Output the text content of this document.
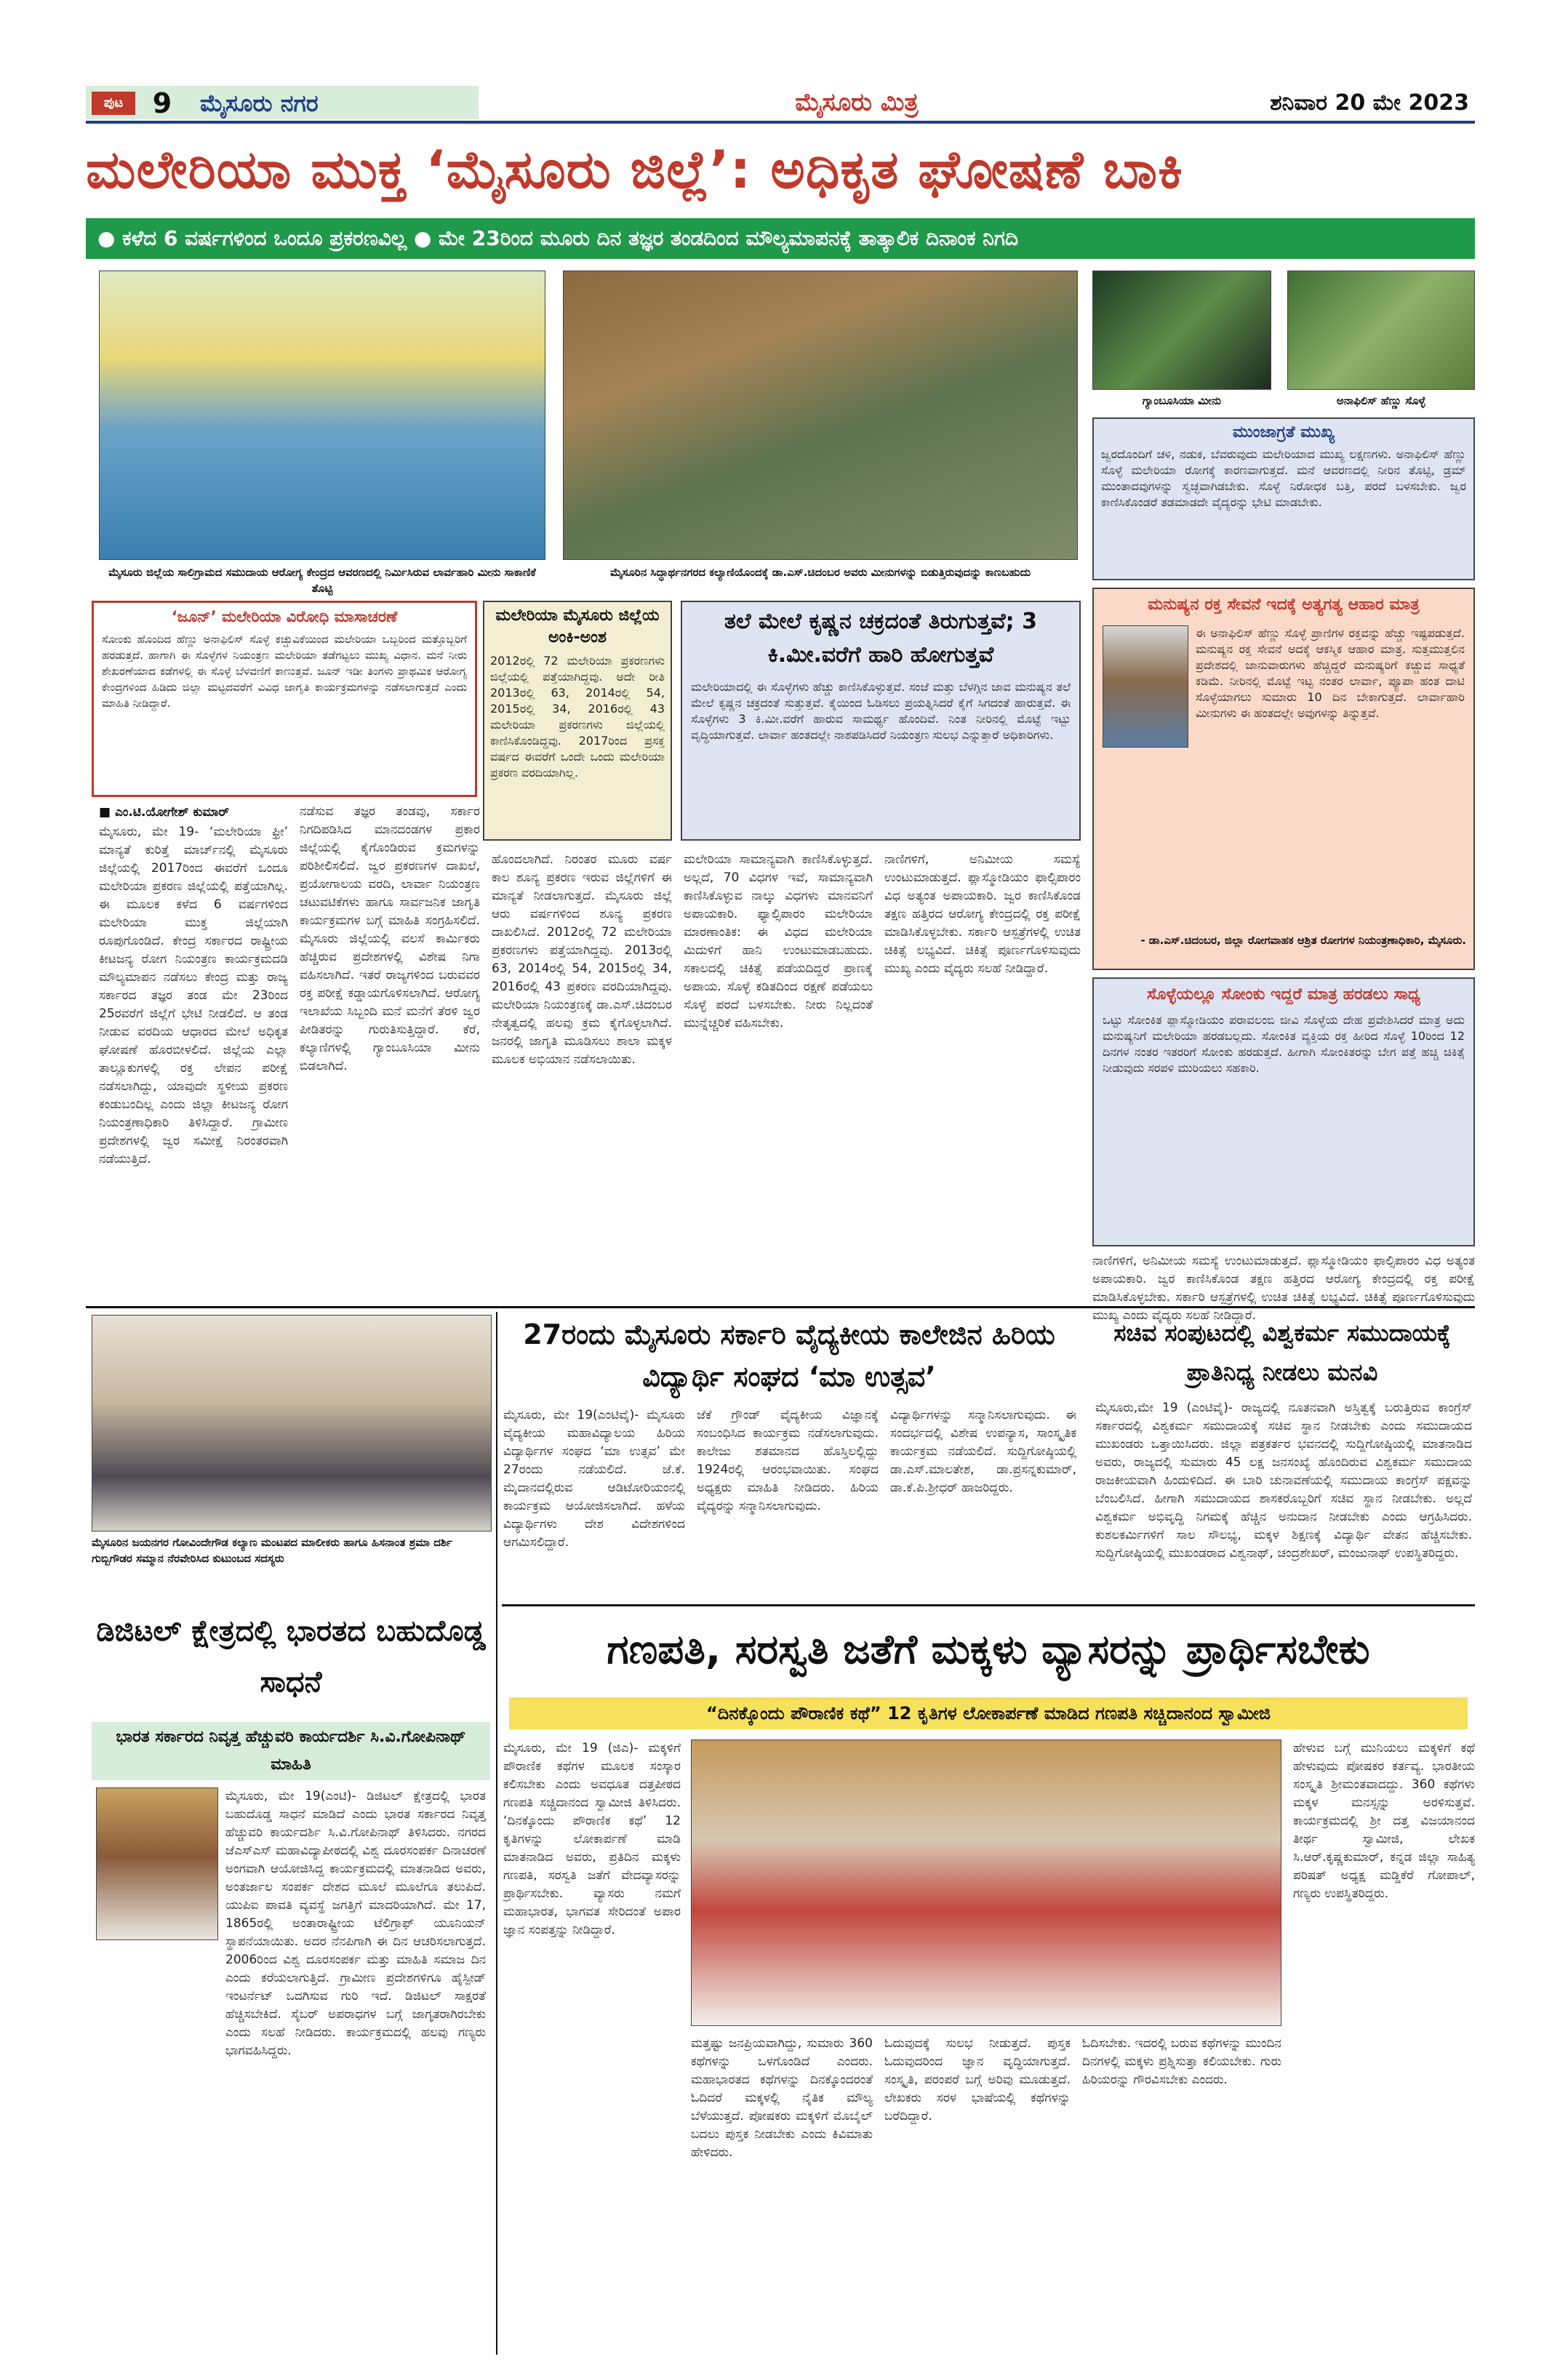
ಪುಟ	9	ಮೈಸೂರು ನಗರ	ಮೈಸೂರು ಮಿತ್ರ	ಶನಿವಾರ 20 ಮೇ 2023
ಮಲೇರಿಯಾ ಮುಕ್ತ ‘ಮೈಸೂರು ಜಿಲ್ಲೆ’: ಅಧಿಕೃತ ಘೋಷಣೆ ಬಾಕಿ
● ಕಳೆದ 6 ವರ್ಷಗಳಿಂದ ಒಂದೂ ಪ್ರಕರಣವಿಲ್ಲ ● ಮೇ 23ರಿಂದ ಮೂರು ದಿನ ತಜ್ಞರ ತಂಡದಿಂದ ಮೌಲ್ಯಮಾಪನಕ್ಕೆ ತಾತ್ಕಾಲಿಕ ದಿನಾಂಕ ನಿಗದಿ
ಮೈಸೂರು ಜಿಲ್ಲೆಯ ಸಾಲಿಗ್ರಾಮದ ಸಮುದಾಯ ಆರೋಗ್ಯ ಕೇಂದ್ರದ ಆವರಣದಲ್ಲಿ ನಿರ್ಮಿಸಿರುವ ಲಾರ್ವಹಾರಿ ಮೀನು ಸಾಕಾಣಿಕೆ ತೊಟ್ಟಿ
ಮೈಸೂರಿನ ಸಿದ್ಧಾರ್ಥನಗರದ ಕಲ್ಯಾಣಿಯೊಂದಕ್ಕೆ ಡಾ.ಎಸ್.ಚಿದಂಬರ ಅವರು ಮೀನುಗಳನ್ನು ಬಿಡುತ್ತಿರುವುದನ್ನು ಕಾಣಬಹುದು
ಗ್ಯಾಂಬೂಸಿಯಾ ಮೀನು	ಅನಾಫಿಲಿಸ್ ಹೆಣ್ಣು ಸೊಳ್ಳೆ
ಮುಂಜಾಗ್ರತೆ ಮುಖ್ಯ
ಜ್ವರದೊಂದಿಗೆ ಚಳಿ, ನಡುಕ, ಬೆವರುವುದು ಮಲೇರಿಯಾದ ಮುಖ್ಯ ಲಕ್ಷಣಗಳು. ಅನಾಫಿಲಿಸ್ ಹೆಣ್ಣು ಸೊಳ್ಳೆ ಮಲೇರಿಯಾ ರೋಗಕ್ಕೆ ಕಾರಣವಾಗುತ್ತದೆ. ಮನೆ ಆವರಣದಲ್ಲಿ ನೀರಿನ ತೊಟ್ಟಿ, ಡ್ರಮ್ ಮುಂತಾದವುಗಳನ್ನು ಸ್ವಚ್ಛವಾಗಿಡಬೇಕು. ಸೊಳ್ಳೆ ನಿರೋಧಕ ಬತ್ತಿ, ಪರದೆ ಬಳಸಬೇಕು. ಜ್ವರ ಕಾಣಿಸಿಕೊಂಡರೆ ತಡಮಾಡದೇ ವೈದ್ಯರನ್ನು ಭೇಟಿ ಮಾಡಬೇಕು.
‘ಜೂನ್’ ಮಲೇರಿಯಾ ವಿರೋಧಿ ಮಾಸಾಚರಣೆ
ಸೋಂಕು ಹೊಂದಿದ ಹೆಣ್ಣು ಅನಾಫಿಲಿಸ್ ಸೊಳ್ಳೆ ಕಚ್ಚುವಿಕೆಯಿಂದ ಮಲೇರಿಯಾ ಒಬ್ಬರಿಂದ ಮತ್ತೊಬ್ಬರಿಗೆ ಹರಡುತ್ತದೆ. ಹಾಗಾಗಿ ಈ ಸೊಳ್ಳೆಗಳ ನಿಯಂತ್ರಣ ಮಲೇರಿಯಾ ತಡೆಗಟ್ಟಲು ಮುಖ್ಯ ವಿಧಾನ. ಮನೆ ನೀರು ಶೇಖರಣೆಯಾದ ಕಡೆಗಳಲ್ಲಿ ಈ ಸೊಳ್ಳೆ ಬೆಳವಣಿಗೆ ಕಾಣುತ್ತವೆ. ಜೂನ್ ಇಡೀ ತಿಂಗಳು ಪ್ರಾಥಮಿಕ ಆರೋಗ್ಯ ಕೇಂದ್ರಗಳಿಂದ ಹಿಡಿದು ಜಿಲ್ಲಾ ಮಟ್ಟದವರೆಗೆ ವಿವಿಧ ಜಾಗೃತಿ ಕಾರ್ಯಕ್ರಮಗಳನ್ನು ನಡೆಸಲಾಗುತ್ತದೆ ಎಂದು ಮಾಹಿತಿ ನೀಡಿದ್ದಾರೆ.
ಮಲೇರಿಯಾ ಮೈಸೂರು ಜಿಲ್ಲೆಯ ಅಂಕಿ-ಅಂಶ
2012ರಲ್ಲಿ 72 ಮಲೇರಿಯಾ ಪ್ರಕರಣಗಳು ಜಿಲ್ಲೆಯಲ್ಲಿ ಪತ್ತೆಯಾಗಿದ್ದವು. ಅದೇ ರೀತಿ 2013ರಲ್ಲಿ 63, 2014ರಲ್ಲಿ 54, 2015ರಲ್ಲಿ 34, 2016ರಲ್ಲಿ 43 ಮಲೇರಿಯಾ ಪ್ರಕರಣಗಳು ಜಿಲ್ಲೆಯಲ್ಲಿ ಕಾಣಿಸಿಕೊಂಡಿದ್ದವು. 2017ರಿಂದ ಪ್ರಸಕ್ತ ವರ್ಷದ ಈವರೆಗೆ ಒಂದೇ ಒಂದು ಮಲೇರಿಯಾ ಪ್ರಕರಣ ವರದಿಯಾಗಿಲ್ಲ.
ತಲೆ ಮೇಲೆ ಕೃಷ್ಣನ ಚಕ್ರದಂತೆ ತಿರುಗುತ್ತವೆ; 3 ಕಿ.ಮೀ.ವರೆಗೆ ಹಾರಿ ಹೋಗುತ್ತವೆ
ಮಲೇರಿಯಾದಲ್ಲಿ ಈ ಸೊಳ್ಳೆಗಳು ಹೆಚ್ಚು ಕಾಣಿಸಿಕೊಳ್ಳುತ್ತವೆ. ಸಂಜೆ ಮತ್ತು ಬೆಳಗ್ಗಿನ ಜಾವ ಮನುಷ್ಯನ ತಲೆ ಮೇಲೆ ಕೃಷ್ಣನ ಚಕ್ರದಂತೆ ಸುತ್ತುತ್ತವೆ. ಕೈಯಿಂದ ಓಡಿಸಲು ಪ್ರಯತ್ನಿಸಿದರೆ ಕೈಗೆ ಸಿಗದಂತೆ ಹಾರುತ್ತವೆ. ಈ ಸೊಳ್ಳೆಗಳು 3 ಕಿ.ಮೀ.ವರೆಗೆ ಹಾರುವ ಸಾಮರ್ಥ್ಯ ಹೊಂದಿವೆ. ನಿಂತ ನೀರಿನಲ್ಲಿ ಮೊಟ್ಟೆ ಇಟ್ಟು ವೃದ್ಧಿಯಾಗುತ್ತವೆ. ಲಾರ್ವಾ ಹಂತದಲ್ಲೇ ನಾಶಪಡಿಸಿದರೆ ನಿಯಂತ್ರಣ ಸುಲಭ ಎನ್ನುತ್ತಾರೆ ಅಧಿಕಾರಿಗಳು.
ಮನುಷ್ಯನ ರಕ್ತ ಸೇವನೆ ಇದಕ್ಕೆ ಅತ್ಯಗತ್ಯ ಆಹಾರ ಮಾತ್ರ
ಈ ಅನಾಫಿಲಿಸ್ ಹೆಣ್ಣು ಸೊಳ್ಳೆ ಪ್ರಾಣಿಗಳ ರಕ್ತವನ್ನು ಹೆಚ್ಚು ಇಷ್ಟಪಡುತ್ತದೆ. ಮನುಷ್ಯನ ರಕ್ತ ಸೇವನೆ ಅದಕ್ಕೆ ಆಕಸ್ಮಿಕ ಆಹಾರ ಮಾತ್ರ. ಸುತ್ತಮುತ್ತಲಿನ ಪ್ರದೇಶದಲ್ಲಿ ಜಾನುವಾರುಗಳು ಹೆಚ್ಚಿದ್ದರೆ ಮನುಷ್ಯರಿಗೆ ಕಚ್ಚುವ ಸಾಧ್ಯತೆ ಕಡಿಮೆ. ನೀರಿನಲ್ಲಿ ಮೊಟ್ಟೆ ಇಟ್ಟ ನಂತರ ಲಾರ್ವಾ, ಪ್ಯೂಪಾ ಹಂತ ದಾಟಿ ಸೊಳ್ಳೆಯಾಗಲು ಸುಮಾರು 10 ದಿನ ಬೇಕಾಗುತ್ತದೆ. ಲಾರ್ವಾಹಾರಿ ಮೀನುಗಳು ಈ ಹಂತದಲ್ಲೇ ಅವುಗಳನ್ನು ತಿನ್ನುತ್ತವೆ.
- ಡಾ.ಎಸ್.ಚಿದಂಬರ, ಜಿಲ್ಲಾ ರೋಗವಾಹಕ ಆಶ್ರಿತ ರೋಗಗಳ ನಿಯಂತ್ರಣಾಧಿಕಾರಿ, ಮೈಸೂರು.
ಸೊಳ್ಳೆಯಲ್ಲೂ ಸೋಂಕು ಇದ್ದರೆ ಮಾತ್ರ ಹರಡಲು ಸಾಧ್ಯ
ಒಟ್ಟು ಸೋಂಕಿತ ಪ್ಲಾಸ್ಮೋಡಿಯಂ ಪರಾವಲಂಬಿ ಜೀವಿ ಸೊಳ್ಳೆಯ ದೇಹ ಪ್ರವೇಶಿಸಿದರೆ ಮಾತ್ರ ಅದು ಮನುಷ್ಯನಿಗೆ ಮಲೇರಿಯಾ ಹರಡಬಲ್ಲದು. ಸೋಂಕಿತ ವ್ಯಕ್ತಿಯ ರಕ್ತ ಹೀರಿದ ಸೊಳ್ಳೆ 10ರಿಂದ 12 ದಿನಗಳ ನಂತರ ಇತರರಿಗೆ ಸೋಂಕು ಹರಡುತ್ತದೆ. ಹೀಗಾಗಿ ಸೋಂಕಿತರನ್ನು ಬೇಗ ಪತ್ತೆ ಹಚ್ಚಿ ಚಿಕಿತ್ಸೆ ನೀಡುವುದು ಸರಪಳಿ ಮುರಿಯಲು ಸಹಕಾರಿ.
■ ಎಂ.ಟಿ.ಯೋಗೇಶ್ ಕುಮಾರ್
ಮೈಸೂರು, ಮೇ 19- ‘ಮಲೇರಿಯಾ ಫ್ರೀ’ ಮಾನ್ಯತೆ ಕುರಿತ್ತೆ ಮಾರ್ಚ್‌ನಲ್ಲಿ ಮೈಸೂರು ಜಿಲ್ಲೆಯಲ್ಲಿ 2017ರಿಂದ ಈವರೆಗೆ ಒಂದೂ ಮಲೇರಿಯಾ ಪ್ರಕರಣ ಜಿಲ್ಲೆಯಲ್ಲಿ ಪತ್ತೆಯಾಗಿಲ್ಲ. ಈ ಮೂಲಕ ಕಳೆದ 6 ವರ್ಷಗಳಿಂದ ಮಲೇರಿಯಾ ಮುಕ್ತ ಜಿಲ್ಲೆಯಾಗಿ ರೂಪುಗೊಂಡಿದೆ. ಕೇಂದ್ರ ಸರ್ಕಾರದ ರಾಷ್ಟ್ರೀಯ ಕೀಟಜನ್ಯ ರೋಗ ನಿಯಂತ್ರಣ ಕಾರ್ಯಕ್ರಮದಡಿ ಮೌಲ್ಯಮಾಪನ ನಡೆಸಲು ಕೇಂದ್ರ ಮತ್ತು ರಾಜ್ಯ ಸರ್ಕಾರದ ತಜ್ಞರ ತಂಡ ಮೇ 23ರಿಂದ 25ರವರೆಗೆ ಜಿಲ್ಲೆಗೆ ಭೇಟಿ ನೀಡಲಿದೆ. ಆ ತಂಡ ನೀಡುವ ವರದಿಯ ಆಧಾರದ ಮೇಲೆ ಅಧಿಕೃತ ಘೋಷಣೆ ಹೊರಬೀಳಲಿದೆ. ಜಿಲ್ಲೆಯ ಎಲ್ಲಾ ತಾಲ್ಲೂಕುಗಳಲ್ಲಿ ರಕ್ತ ಲೇಪನ ಪರೀಕ್ಷೆ ನಡೆಸಲಾಗಿದ್ದು, ಯಾವುದೇ ಸ್ಥಳೀಯ ಪ್ರಕರಣ ಕಂಡುಬಂದಿಲ್ಲ ಎಂದು ಜಿಲ್ಲಾ ಕೀಟಜನ್ಯ ರೋಗ ನಿಯಂತ್ರಣಾಧಿಕಾರಿ ತಿಳಿಸಿದ್ದಾರೆ. ಗ್ರಾಮೀಣ ಪ್ರದೇಶಗಳಲ್ಲಿ ಜ್ವರ ಸಮೀಕ್ಷೆ ನಿರಂತರವಾಗಿ ನಡೆಯುತ್ತಿದೆ.
ನಡೆಸುವ ತಜ್ಞರ ತಂಡವು, ಸರ್ಕಾರ ನಿಗದಿಪಡಿಸಿದ ಮಾನದಂಡಗಳ ಪ್ರಕಾರ ಜಿಲ್ಲೆಯಲ್ಲಿ ಕೈಗೊಂಡಿರುವ ಕ್ರಮಗಳನ್ನು ಪರಿಶೀಲಿಸಲಿದೆ. ಜ್ವರ ಪ್ರಕರಣಗಳ ದಾಖಲೆ, ಪ್ರಯೋಗಾಲಯ ವರದಿ, ಲಾರ್ವಾ ನಿಯಂತ್ರಣ ಚಟುವಟಿಕೆಗಳು ಹಾಗೂ ಸಾರ್ವಜನಿಕ ಜಾಗೃತಿ ಕಾರ್ಯಕ್ರಮಗಳ ಬಗ್ಗೆ ಮಾಹಿತಿ ಸಂಗ್ರಹಿಸಲಿದೆ. ಮೈಸೂರು ಜಿಲ್ಲೆಯಲ್ಲಿ ವಲಸೆ ಕಾರ್ಮಿಕರು ಹೆಚ್ಚಿರುವ ಪ್ರದೇಶಗಳಲ್ಲಿ ವಿಶೇಷ ನಿಗಾ ವಹಿಸಲಾಗಿದೆ. ಇತರೆ ರಾಜ್ಯಗಳಿಂದ ಬರುವವರ ರಕ್ತ ಪರೀಕ್ಷೆ ಕಡ್ಡಾಯಗೊಳಿಸಲಾಗಿದೆ. ಆರೋಗ್ಯ ಇಲಾಖೆಯ ಸಿಬ್ಬಂದಿ ಮನೆ ಮನೆಗೆ ತೆರಳಿ ಜ್ವರ ಪೀಡಿತರನ್ನು ಗುರುತಿಸುತ್ತಿದ್ದಾರೆ. ಕೆರೆ, ಕಲ್ಯಾಣಿಗಳಲ್ಲಿ ಗ್ಯಾಂಬೂಸಿಯಾ ಮೀನು ಬಿಡಲಾಗಿದೆ.
ಹೊಂದಲಾಗಿದೆ. ನಿರಂತರ ಮೂರು ವರ್ಷ ಕಾಲ ಶೂನ್ಯ ಪ್ರಕರಣ ಇರುವ ಜಿಲ್ಲೆಗಳಿಗೆ ಈ ಮಾನ್ಯತೆ ನೀಡಲಾಗುತ್ತದೆ. ಮೈಸೂರು ಜಿಲ್ಲೆ ಆರು ವರ್ಷಗಳಿಂದ ಶೂನ್ಯ ಪ್ರಕರಣ ದಾಖಲಿಸಿದೆ. 2012ರಲ್ಲಿ 72 ಮಲೇರಿಯಾ ಪ್ರಕರಣಗಳು ಪತ್ತೆಯಾಗಿದ್ದವು. 2013ರಲ್ಲಿ 63, 2014ರಲ್ಲಿ 54, 2015ರಲ್ಲಿ 34, 2016ರಲ್ಲಿ 43 ಪ್ರಕರಣ ವರದಿಯಾಗಿದ್ದವು. ಮಲೇರಿಯಾ ನಿಯಂತ್ರಣಕ್ಕೆ ಡಾ.ಎಸ್.ಚಿದಂಬರ ನೇತೃತ್ವದಲ್ಲಿ ಹಲವು ಕ್ರಮ ಕೈಗೊಳ್ಳಲಾಗಿದೆ. ಜನರಲ್ಲಿ ಜಾಗೃತಿ ಮೂಡಿಸಲು ಶಾಲಾ ಮಕ್ಕಳ ಮೂಲಕ ಅಭಿಯಾನ ನಡೆಸಲಾಯಿತು.
ಮಲೇರಿಯಾ ಸಾಮಾನ್ಯವಾಗಿ ಕಾಣಿಸಿಕೊಳ್ಳುತ್ತದೆ. ಅಲ್ಲದೆ, 70 ವಿಧಗಳ ಇವೆ, ಸಾಮಾನ್ಯವಾಗಿ ಕಾಣಿಸಿಕೊಳ್ಳುವ ನಾಲ್ಕು ವಿಧಗಳು ಮಾನವನಿಗೆ ಅಪಾಯಕಾರಿ. ಫ್ಯಾಲ್ಸಿಪಾರಂ ಮಲೇರಿಯಾ ಮಾರಣಾಂತಿಕ: ಈ ವಿಧದ ಮಲೇರಿಯಾ ಮಿದುಳಿಗೆ ಹಾನಿ ಉಂಟುಮಾಡಬಹುದು. ಸಕಾಲದಲ್ಲಿ ಚಿಕಿತ್ಸೆ ಪಡೆಯದಿದ್ದರೆ ಪ್ರಾಣಕ್ಕೆ ಅಪಾಯ. ಸೊಳ್ಳೆ ಕಡಿತದಿಂದ ರಕ್ಷಣೆ ಪಡೆಯಲು ಸೊಳ್ಳೆ ಪರದೆ ಬಳಸಬೇಕು. ನೀರು ನಿಲ್ಲದಂತೆ ಮುನ್ನೆಚ್ಚರಿಕೆ ವಹಿಸಬೇಕು.
ನಾಣಿಗಳಿಗೆ, ಅನಿಮೀಯ ಸಮಸ್ಯೆ ಉಂಟುಮಾಡುತ್ತದೆ. ಪ್ಲಾಸ್ಮೋಡಿಯಂ ಫಾಲ್ಸಿಪಾರಂ ವಿಧ ಅತ್ಯಂತ ಅಪಾಯಕಾರಿ. ಜ್ವರ ಕಾಣಿಸಿಕೊಂಡ ತಕ್ಷಣ ಹತ್ತಿರದ ಆರೋಗ್ಯ ಕೇಂದ್ರದಲ್ಲಿ ರಕ್ತ ಪರೀಕ್ಷೆ ಮಾಡಿಸಿಕೊಳ್ಳಬೇಕು. ಸರ್ಕಾರಿ ಆಸ್ಪತ್ರೆಗಳಲ್ಲಿ ಉಚಿತ ಚಿಕಿತ್ಸೆ ಲಭ್ಯವಿದೆ. ಚಿಕಿತ್ಸೆ ಪೂರ್ಣಗೊಳಿಸುವುದು ಮುಖ್ಯ ಎಂದು ವೈದ್ಯರು ಸಲಹೆ ನೀಡಿದ್ದಾರೆ.
ನಾಣಿಗಳಿಗೆ, ಅನಿಮೀಯ ಸಮಸ್ಯೆ ಉಂಟುಮಾಡುತ್ತದೆ. ಪ್ಲಾಸ್ಮೋಡಿಯಂ ಫಾಲ್ಸಿಪಾರಂ ವಿಧ ಅತ್ಯಂತ ಅಪಾಯಕಾರಿ. ಜ್ವರ ಕಾಣಿಸಿಕೊಂಡ ತಕ್ಷಣ ಹತ್ತಿರದ ಆರೋಗ್ಯ ಕೇಂದ್ರದಲ್ಲಿ ರಕ್ತ ಪರೀಕ್ಷೆ ಮಾಡಿಸಿಕೊಳ್ಳಬೇಕು. ಸರ್ಕಾರಿ ಆಸ್ಪತ್ರೆಗಳಲ್ಲಿ ಉಚಿತ ಚಿಕಿತ್ಸೆ ಲಭ್ಯವಿದೆ. ಚಿಕಿತ್ಸೆ ಪೂರ್ಣಗೊಳಿಸುವುದು ಮುಖ್ಯ ಎಂದು ವೈದ್ಯರು ಸಲಹೆ ನೀಡಿದ್ದಾರೆ.
ಮೈಸೂರಿನ ಜಯನಗರ ಗೋವಿಂದೇಗೌಡ ಕಲ್ಯಾಣ ಮಂಟಪದ ಮಾಲೀಕರು ಹಾಗೂ ಹಿಸನಾಂತ ಶ್ರಮಾ ದರ್ಶಿ ಗುಬ್ಬಿಗೌಡರ ಸಮ್ಮಾನ ನೆರವೇರಿಸಿದ ಕುಟುಂಬದ ಸದಸ್ಯರು
27ರಂದು ಮೈಸೂರು ಸರ್ಕಾರಿ ವೈದ್ಯಕೀಯ ಕಾಲೇಜಿನ ಹಿರಿಯ ವಿದ್ಯಾರ್ಥಿ ಸಂಘದ ‘ಮಾ ಉತ್ಸವ’
ಮೈಸೂರು, ಮೇ 19(ಎಂಟಿವೈ)- ಮೈಸೂರು ವೈದ್ಯಕೀಯ ಮಹಾವಿದ್ಯಾಲಯ ಹಿರಿಯ ವಿದ್ಯಾರ್ಥಿಗಳ ಸಂಘದ ‘ಮಾ ಉತ್ಸವ’ ಮೇ 27ರಂದು ನಡೆಯಲಿದೆ. ಜೆ.ಕೆ. ಮೈದಾನದಲ್ಲಿರುವ ಆಡಿಟೋರಿಯಂನಲ್ಲಿ ಕಾರ್ಯಕ್ರಮ ಆಯೋಜಿಸಲಾಗಿದೆ. ಹಳೆಯ ವಿದ್ಯಾರ್ಥಿಗಳು ದೇಶ ವಿದೇಶಗಳಿಂದ ಆಗಮಿಸಲಿದ್ದಾರೆ.
ಜೆಕೆ ಗ್ರೌಂಡ್ ವೈದ್ಯಕೀಯ ವಿಜ್ಞಾನಕ್ಕೆ ಸಂಬಂಧಿಸಿದ ಕಾರ್ಯಕ್ರಮ ನಡೆಸಲಾಗುವುದು. ಕಾಲೇಜು ಶತಮಾನದ ಹೊಸ್ತಿಲಲ್ಲಿದ್ದು 1924ರಲ್ಲಿ ಆರಂಭವಾಯಿತು. ಸಂಘದ ಅಧ್ಯಕ್ಷರು ಮಾಹಿತಿ ನೀಡಿದರು. ಹಿರಿಯ ವೈದ್ಯರನ್ನು ಸನ್ಮಾನಿಸಲಾಗುವುದು.
ವಿದ್ಯಾರ್ಥಿಗಳನ್ನು ಸನ್ಮಾನಿಸಲಾಗುವುದು. ಈ ಸಂದರ್ಭದಲ್ಲಿ ವಿಶೇಷ ಉಪನ್ಯಾಸ, ಸಾಂಸ್ಕೃತಿಕ ಕಾರ್ಯಕ್ರಮ ನಡೆಯಲಿದೆ. ಸುದ್ದಿಗೋಷ್ಠಿಯಲ್ಲಿ ಡಾ.ಎಸ್.ಮಾಲತೇಶ, ಡಾ.ಪ್ರಸನ್ನಕುಮಾರ್, ಡಾ.ಕೆ.ಪಿ.ಶ್ರೀಧರ್ ಹಾಜರಿದ್ದರು.
ಸಚಿವ ಸಂಪುಟದಲ್ಲಿ ವಿಶ್ವಕರ್ಮ ಸಮುದಾಯಕ್ಕೆ ಪ್ರಾತಿನಿಧ್ಯ ನೀಡಲು ಮನವಿ
ಮೈಸೂರು,ಮೇ 19 (ಎಂಟಿವೈ)- ರಾಜ್ಯದಲ್ಲಿ ನೂತನವಾಗಿ ಅಸ್ತಿತ್ವಕ್ಕೆ ಬರುತ್ತಿರುವ ಕಾಂಗ್ರೆಸ್ ಸರ್ಕಾರದಲ್ಲಿ ವಿಶ್ವಕರ್ಮ ಸಮುದಾಯಕ್ಕೆ ಸಚಿವ ಸ್ಥಾನ ನೀಡಬೇಕು ಎಂದು ಸಮುದಾಯದ ಮುಖಂಡರು ಒತ್ತಾಯಿಸಿದರು. ಜಿಲ್ಲಾ ಪತ್ರಕರ್ತರ ಭವನದಲ್ಲಿ ಸುದ್ದಿಗೋಷ್ಠಿಯಲ್ಲಿ ಮಾತನಾಡಿದ ಅವರು, ರಾಜ್ಯದಲ್ಲಿ ಸುಮಾರು 45 ಲಕ್ಷ ಜನಸಂಖ್ಯೆ ಹೊಂದಿರುವ ವಿಶ್ವಕರ್ಮ ಸಮುದಾಯ ರಾಜಕೀಯವಾಗಿ ಹಿಂದುಳಿದಿದೆ. ಈ ಬಾರಿ ಚುನಾವಣೆಯಲ್ಲಿ ಸಮುದಾಯ ಕಾಂಗ್ರೆಸ್ ಪಕ್ಷವನ್ನು ಬೆಂಬಲಿಸಿದೆ. ಹೀಗಾಗಿ ಸಮುದಾಯದ ಶಾಸಕರೊಬ್ಬರಿಗೆ ಸಚಿವ ಸ್ಥಾನ ನೀಡಬೇಕು. ಅಲ್ಲದೆ ವಿಶ್ವಕರ್ಮ ಅಭಿವೃದ್ಧಿ ನಿಗಮಕ್ಕೆ ಹೆಚ್ಚಿನ ಅನುದಾನ ನೀಡಬೇಕು ಎಂದು ಆಗ್ರಹಿಸಿದರು. ಕುಶಲಕರ್ಮಿಗಳಿಗೆ ಸಾಲ ಸೌಲಭ್ಯ, ಮಕ್ಕಳ ಶಿಕ್ಷಣಕ್ಕೆ ವಿದ್ಯಾರ್ಥಿ ವೇತನ ಹೆಚ್ಚಿಸಬೇಕು. ಸುದ್ದಿಗೋಷ್ಠಿಯಲ್ಲಿ ಮುಖಂಡರಾದ ವಿಶ್ವನಾಥ್, ಚಂದ್ರಶೇಖರ್, ಮಂಜುನಾಥ್ ಉಪಸ್ಥಿತರಿದ್ದರು.
ಡಿಜಿಟಲ್ ಕ್ಷೇತ್ರದಲ್ಲಿ ಭಾರತದ ಬಹುದೊಡ್ಡ ಸಾಧನೆ
ಭಾರತ ಸರ್ಕಾರದ ನಿವೃತ್ತ ಹೆಚ್ಚುವರಿ ಕಾರ್ಯದರ್ಶಿ ಸಿ.ವಿ.ಗೋಪಿನಾಥ್ ಮಾಹಿತಿ
ಮೈಸೂರು, ಮೇ 19(ಎಂಟಿ)- ಡಿಜಿಟಲ್ ಕ್ಷೇತ್ರದಲ್ಲಿ ಭಾರತ ಬಹುದೊಡ್ಡ ಸಾಧನೆ ಮಾಡಿದೆ ಎಂದು ಭಾರತ ಸರ್ಕಾರದ ನಿವೃತ್ತ ಹೆಚ್ಚುವರಿ ಕಾರ್ಯದರ್ಶಿ ಸಿ.ವಿ.ಗೋಪಿನಾಥ್ ತಿಳಿಸಿದರು. ನಗರದ ಜೆಎಸ್‌ಎಸ್ ಮಹಾವಿದ್ಯಾಪೀಠದಲ್ಲಿ ವಿಶ್ವ ದೂರಸಂಪರ್ಕ ದಿನಾಚರಣೆ ಅಂಗವಾಗಿ ಆಯೋಜಿಸಿದ್ದ ಕಾರ್ಯಕ್ರಮದಲ್ಲಿ ಮಾತನಾಡಿದ ಅವರು, ಅಂತರ್ಜಾಲ ಸಂಪರ್ಕ ದೇಶದ ಮೂಲೆ ಮೂಲೆಗೂ ತಲುಪಿದೆ. ಯುಪಿಐ ಪಾವತಿ ವ್ಯವಸ್ಥೆ ಜಗತ್ತಿಗೆ ಮಾದರಿಯಾಗಿದೆ. ಮೇ 17, 1865ರಲ್ಲಿ ಅಂತಾರಾಷ್ಟ್ರೀಯ ಟೆಲಿಗ್ರಾಫ್ ಯೂನಿಯನ್ ಸ್ಥಾಪನೆಯಾಯಿತು. ಅದರ ನೆನಪಿಗಾಗಿ ಈ ದಿನ ಆಚರಿಸಲಾಗುತ್ತದೆ. 2006ರಿಂದ ವಿಶ್ವ ದೂರಸಂಪರ್ಕ ಮತ್ತು ಮಾಹಿತಿ ಸಮಾಜ ದಿನ ಎಂದು ಕರೆಯಲಾಗುತ್ತಿದೆ. ಗ್ರಾಮೀಣ ಪ್ರದೇಶಗಳಿಗೂ ಹೈಸ್ಪೀಡ್ ಇಂಟರ್ನೆಟ್ ಒದಗಿಸುವ ಗುರಿ ಇದೆ. ಡಿಜಿಟಲ್ ಸಾಕ್ಷರತೆ ಹೆಚ್ಚಿಸಬೇಕಿದೆ. ಸೈಬರ್ ಅಪರಾಧಗಳ ಬಗ್ಗೆ ಜಾಗೃತರಾಗಿರಬೇಕು ಎಂದು ಸಲಹೆ ನೀಡಿದರು. ಕಾರ್ಯಕ್ರಮದಲ್ಲಿ ಹಲವು ಗಣ್ಯರು ಭಾಗವಹಿಸಿದ್ದರು.
ಗಣಪತಿ, ಸರಸ್ವತಿ ಜತೆಗೆ ಮಕ್ಕಳು ವ್ಯಾಸರನ್ನು ಪ್ರಾರ್ಥಿಸಬೇಕು
“ದಿನಕ್ಕೊಂದು ಪೌರಾಣಿಕ ಕಥೆ” 12 ಕೃತಿಗಳ ಲೋಕಾರ್ಪಣೆ ಮಾಡಿದ ಗಣಪತಿ ಸಚ್ಚಿದಾನಂದ ಸ್ವಾಮೀಜಿ
ಮೈಸೂರು, ಮೇ 19 (ಜಿಎ)- ಮಕ್ಕಳಿಗೆ ಪೌರಾಣಿಕ ಕಥೆಗಳ ಮೂಲಕ ಸಂಸ್ಕಾರ ಕಲಿಸಬೇಕು ಎಂದು ಅವಧೂತ ದತ್ತಪೀಠದ ಗಣಪತಿ ಸಚ್ಚಿದಾನಂದ ಸ್ವಾಮೀಜಿ ತಿಳಿಸಿದರು. ‘ದಿನಕ್ಕೊಂದು ಪೌರಾಣಿಕ ಕಥೆ’ 12 ಕೃತಿಗಳನ್ನು ಲೋಕಾರ್ಪಣೆ ಮಾಡಿ ಮಾತನಾಡಿದ ಅವರು, ಪ್ರತಿದಿನ ಮಕ್ಕಳು ಗಣಪತಿ, ಸರಸ್ವತಿ ಜತೆಗೆ ವೇದವ್ಯಾಸರನ್ನು ಪ್ರಾರ್ಥಿಸಬೇಕು. ವ್ಯಾಸರು ನಮಗೆ ಮಹಾಭಾರತ, ಭಾಗವತ ಸೇರಿದಂತೆ ಅಪಾರ ಜ್ಞಾನ ಸಂಪತ್ತನ್ನು ನೀಡಿದ್ದಾರೆ.
ಮತ್ತಷ್ಟು ಜನಪ್ರಿಯವಾಗಿದ್ದು, ಸುಮಾರು 360 ಕಥೆಗಳನ್ನು ಒಳಗೊಂಡಿದೆ ಎಂದರು. ಮಹಾಭಾರತದ ಕಥೆಗಳನ್ನು ದಿನಕ್ಕೊಂದರಂತೆ ಓದಿದರೆ ಮಕ್ಕಳಲ್ಲಿ ನೈತಿಕ ಮೌಲ್ಯ ಬೆಳೆಯುತ್ತದೆ. ಪೋಷಕರು ಮಕ್ಕಳಿಗೆ ಮೊಬೈಲ್ ಬದಲು ಪುಸ್ತಕ ನೀಡಬೇಕು ಎಂದು ಕಿವಿಮಾತು ಹೇಳಿದರು.
ಓದುವುದಕ್ಕೆ ಸುಲಭ ನೀಡುತ್ತದೆ. ಪುಸ್ತಕ ಓದುವುದರಿಂದ ಜ್ಞಾನ ವೃದ್ಧಿಯಾಗುತ್ತದೆ. ಸಂಸ್ಕೃತಿ, ಪರಂಪರೆ ಬಗ್ಗೆ ಅರಿವು ಮೂಡುತ್ತದೆ. ಲೇಖಕರು ಸರಳ ಭಾಷೆಯಲ್ಲಿ ಕಥೆಗಳನ್ನು ಬರೆದಿದ್ದಾರೆ.
ಓದಿಸಬೇಕು. ಇದರಲ್ಲಿ ಬರುವ ಕಥೆಗಳನ್ನು ಮುಂದಿನ ದಿನಗಳಲ್ಲಿ ಮಕ್ಕಳು ಪ್ರಶ್ನಿಸುತ್ತಾ ಕಲಿಯಬೇಕು. ಗುರು ಹಿರಿಯರನ್ನು ಗೌರವಿಸಬೇಕು ಎಂದರು.
ಹೇಳುವ ಬಗ್ಗೆ ಮುನಿಯಲು ಮಕ್ಕಳಿಗೆ ಕಥೆ ಹೇಳುವುದು ಪೋಷಕರ ಕರ್ತವ್ಯ. ಭಾರತೀಯ ಸಂಸ್ಕೃತಿ ಶ್ರೀಮಂತವಾದದ್ದು. 360 ಕಥೆಗಳು ಮಕ್ಕಳ ಮನಸ್ಸನ್ನು ಅರಳಿಸುತ್ತವೆ. ಕಾರ್ಯಕ್ರಮದಲ್ಲಿ ಶ್ರೀ ದತ್ತ ವಿಜಯಾನಂದ ತೀರ್ಥ ಸ್ವಾಮೀಜಿ, ಲೇಖಕ ಸಿ.ಆರ್.ಕೃಷ್ಣಕುಮಾರ್, ಕನ್ನಡ ಜಿಲ್ಲಾ ಸಾಹಿತ್ಯ ಪರಿಷತ್ ಅಧ್ಯಕ್ಷ ಮಡ್ಡಿಕೆರೆ ಗೋಪಾಲ್, ಗಣ್ಯರು ಉಪಸ್ಥಿತರಿದ್ದರು.
